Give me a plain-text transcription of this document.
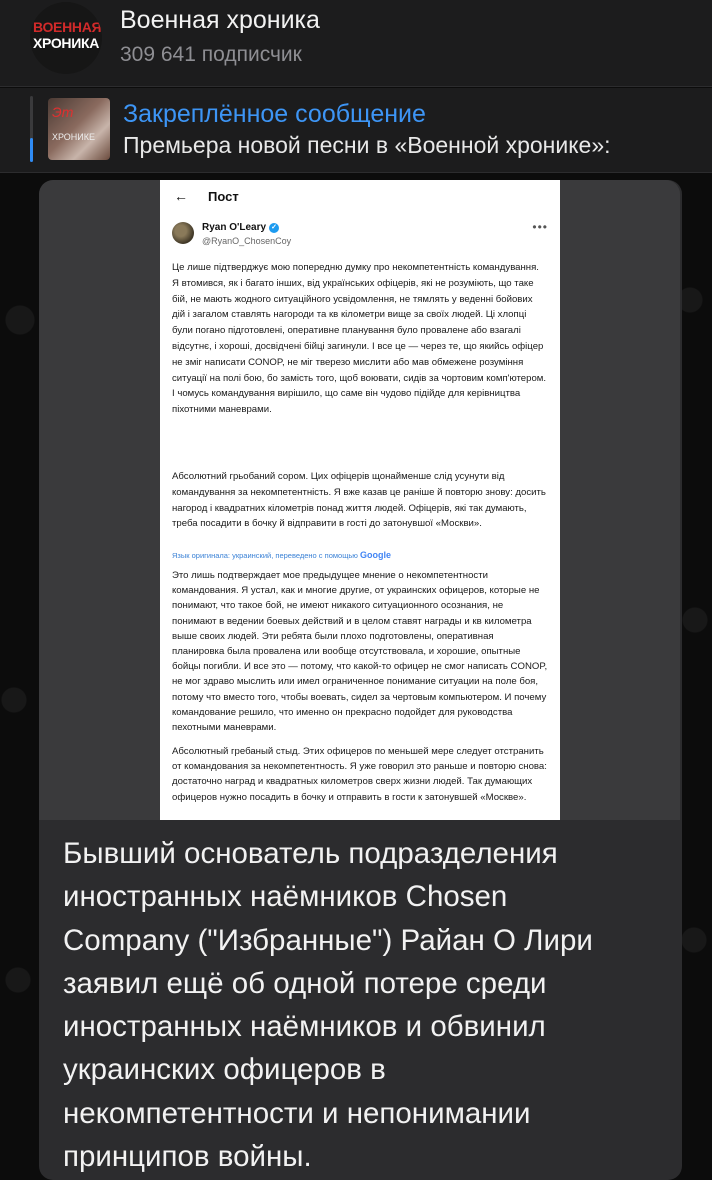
ВОЕННАЯ
ХРОНИКА
Военная хроника
309 641 подписчик
Эт
ХРОНИКЕ
Закреплённое сообщение
Премьера новой песни в «Военной хронике»:
← Пост
Ryan O'Leary ✓
@RyanO_ChosenCoy
•••

Це лише підтверджує мою попередню думку про некомпетентність командування. Я втомився, як і багато інших, від українських офіцерів, які не розуміють, що таке бій, не мають жодного ситуаційного усвідомлення, не тямлять у веденні бойових дій і загалом ставлять нагороди та кв кілометри вище за своїх людей. Ці хлопці були погано підготовлені, оперативне планування було провалене або взагалі відсутнє, і хороші, досвідчені бійці загинули. І все це — через те, що якийсь офіцер не зміг написати CONOP, не міг тверезо мислити або мав обмежене розуміння ситуації на полі бою, бо замість того, щоб воювати, сидів за чортовим комп'ютером. І чомусь командування вирішило, що саме він чудово підійде для керівництва піхотними маневрами.

Абсолютний грьобаний сором. Цих офіцерів щонайменше слід усунути від командування за некомпетентність. Я вже казав це раніше й повторю знову: досить нагород і квадратних кілометрів понад життя людей. Офіцерів, які так думають, треба посадити в бочку й відправити в гості до затонувшої «Москви».

Язык оригинала: украинский, переведено с помощью Google

Это лишь подтверждает мое предыдущее мнение о некомпетентности командования. Я устал, как и многие другие, от украинских офицеров, которые не понимают, что такое бой, не имеют никакого ситуационного осознания, не понимают в ведении боевых действий и в целом ставят награды и кв километра выше своих людей. Эти ребята были плохо подготовлены, оперативная планировка была провалена или вообще отсутствовала, и хорошие, опытные бойцы погибли. И все это — потому, что какой-то офицер не смог написать CONOP, не мог здраво мыслить или имел ограниченное понимание ситуации на поле боя, потому что вместо того, чтобы воевать, сидел за чертовым компьютером. И почему командование решило, что именно он прекрасно подойдет для руководства пехотными маневрами.

Абсолютный гребаный стыд. Этих офицеров по меньшей мере следует отстранить от командования за некомпетентность. Я уже говорил это раньше и повторю снова: достаточно наград и квадратных километров сверх жизни людей. Так думающих офицеров нужно посадить в бочку и отправить в гости к затонувшей «Москве».

Бывший основатель подразделения иностранных наёмников Chosen Company ("Избранные") Райан О Лири заявил ещё об одной потере среди иностранных наёмников и обвинил украинских офицеров в некомпетентности и непонимании принципов войны.
